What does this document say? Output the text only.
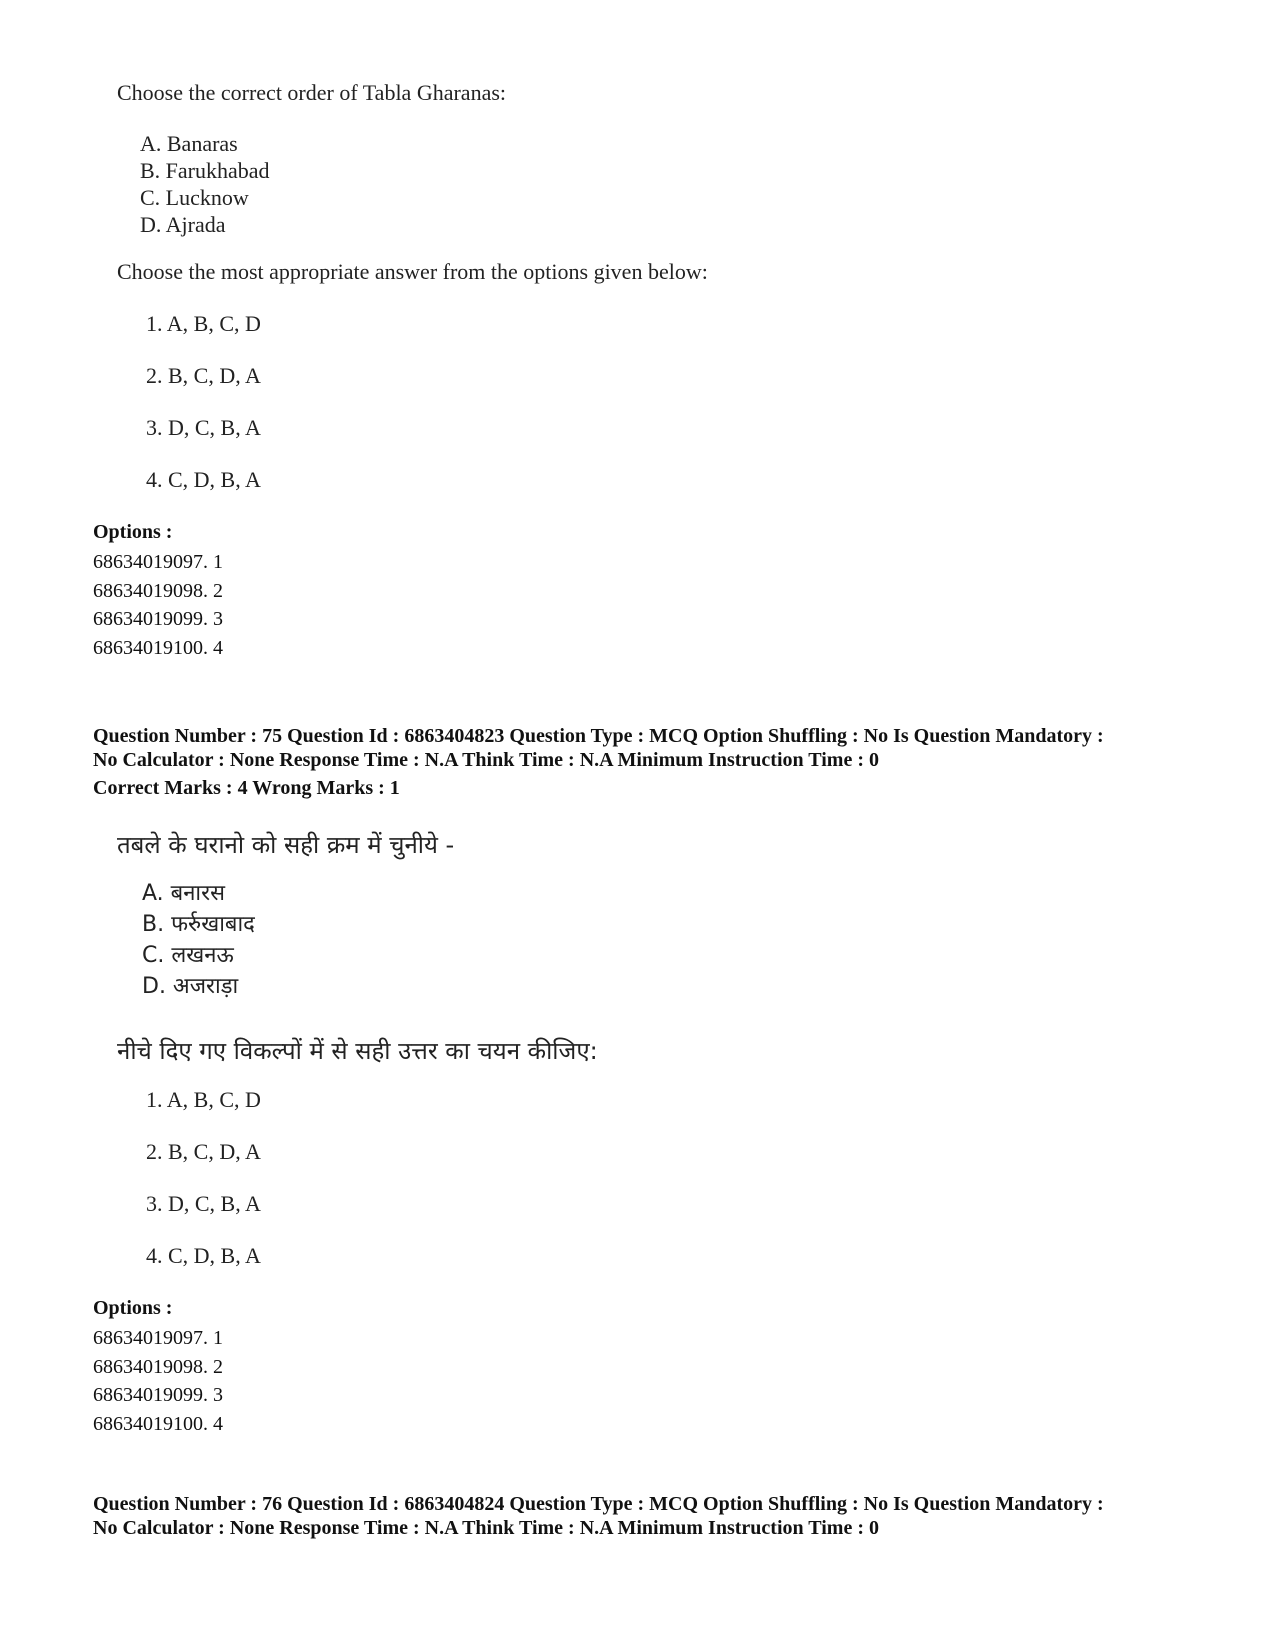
Choose the correct order of Tabla Gharanas:

A. Banaras
B. Farukhabad
C. Lucknow
D. Ajrada

Choose the most appropriate answer from the options given below:

1. A, B, C, D

2. B, C, D, A

3. D, C, B, A

4. C, D, B, A

Options :

68634019097. 1
68634019098. 2
68634019099. 3
68634019100. 4
Question Number : 75 Question Id : 6863404823 Question Type : MCQ Option Shuffling : No Is Question Mandatory :
No Calculator : None Response Time : N.A Think Time : N.A Minimum Instruction Time : 0

Correct Marks : 4 Wrong Marks : 1

तबले के घरानो को सही क्रम में चुनीये -

A. बनारस
B. फर्रुखाबाद
C. लखनऊ
D. अजराड़ा

नीचे दिए गए विकल्पों में से सही उत्तर का चयन कीजिए:

1. A, B, C, D

2. B, C, D, A

3. D, C, B, A

4. C, D, B, A

Options :

68634019097. 1
68634019098. 2
68634019099. 3
68634019100. 4
Question Number : 76 Question Id : 6863404824 Question Type : MCQ Option Shuffling : No Is Question Mandatory :
No Calculator : None Response Time : N.A Think Time : N.A Minimum Instruction Time : 0
